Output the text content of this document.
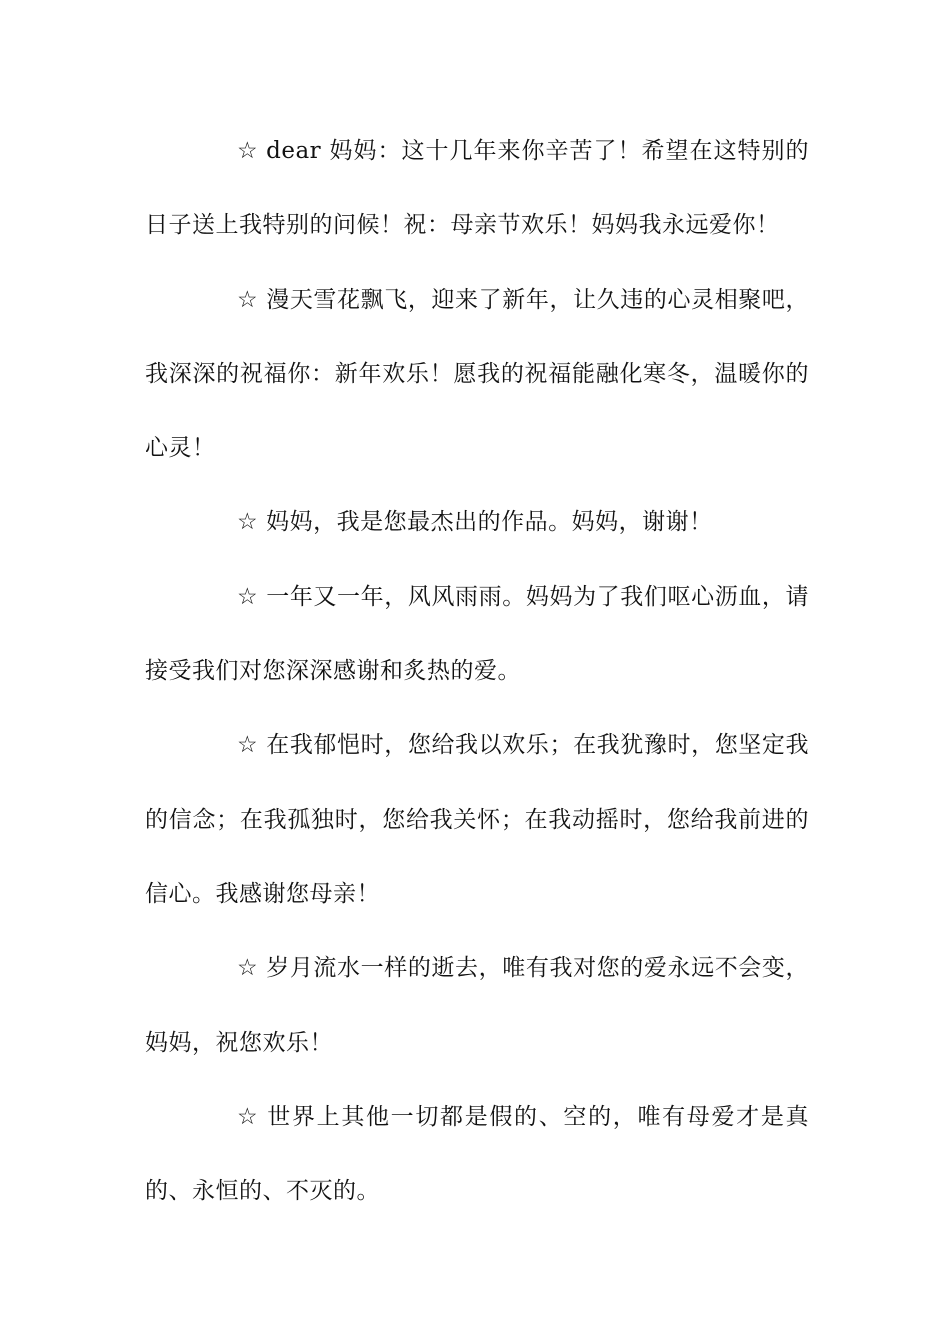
☆ dear 妈妈：这十几年来你辛苦了！希望在这特别的日子送上我特别的问候！祝：母亲节欢乐！妈妈我永远爱你！

☆ 漫天雪花飘飞，迎来了新年，让久违的心灵相聚吧，我深深的祝福你：新年欢乐！愿我的祝福能融化寒冬，温暖你的心灵！

☆ 妈妈，我是您最杰出的作品。妈妈，谢谢！

☆ 一年又一年，风风雨雨。妈妈为了我们呕心沥血，请接受我们对您深深感谢和炙热的爱。

☆ 在我郁悒时，您给我以欢乐；在我犹豫时，您坚定我的信念；在我孤独时，您给我关怀；在我动摇时，您给我前进的信心。我感谢您母亲！

☆ 岁月流水一样的逝去，唯有我对您的爱永远不会变，妈妈，祝您欢乐！

☆ 世界上其他一切都是假的、空的，唯有母爱才是真的、永恒的、不灭的。
